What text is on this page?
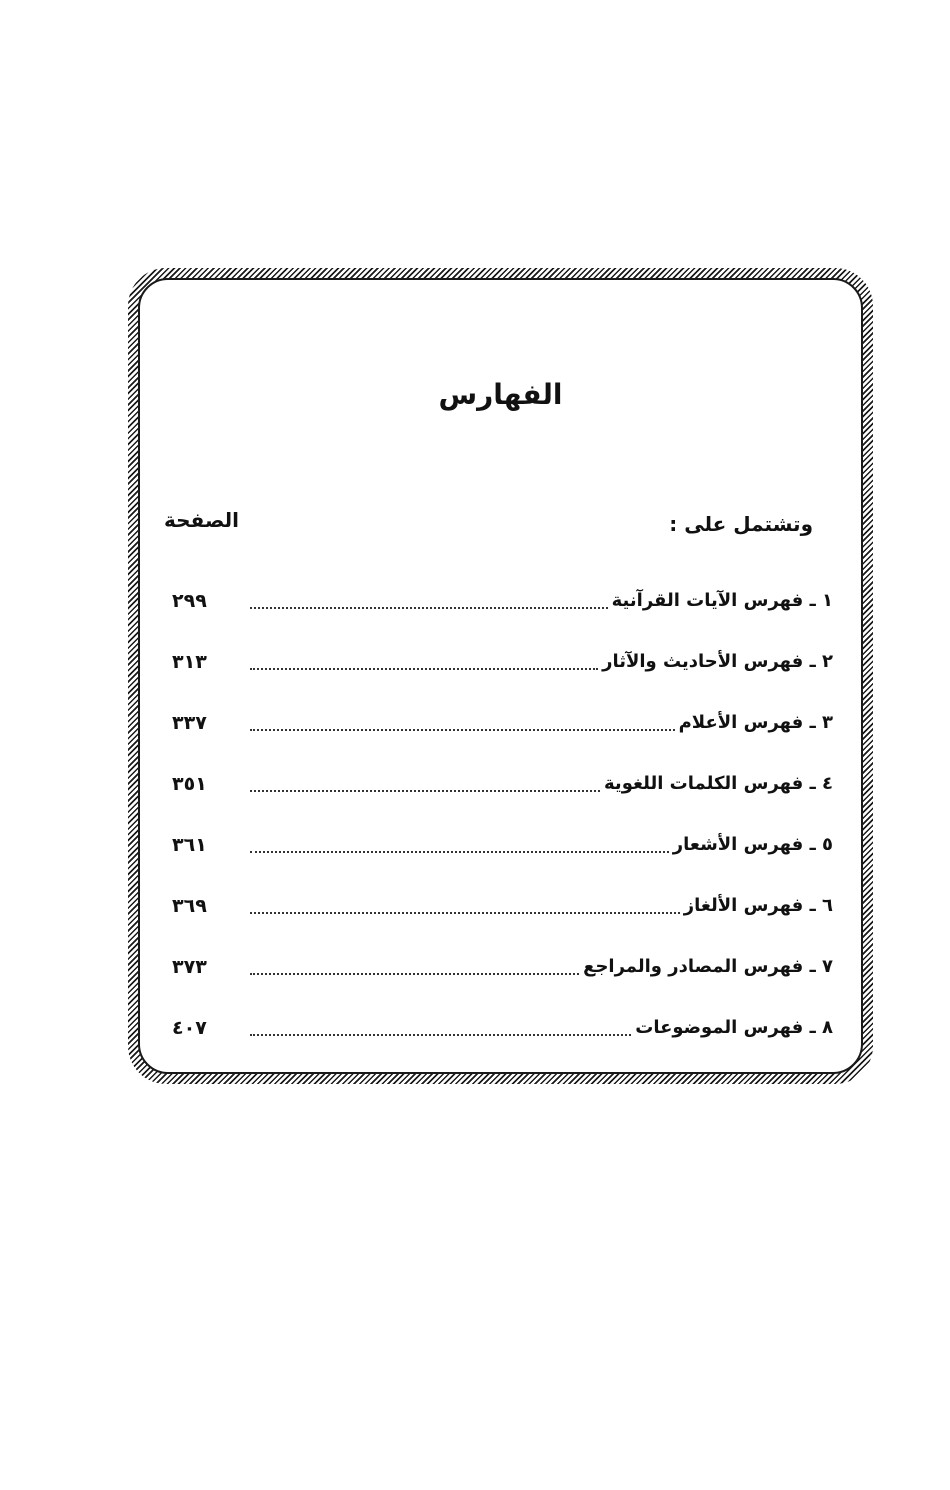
الفهارس
وتشتمل على :
الصفحة
١ ـ فهرس الآيات القرآنية
٢٩٩
٢ ـ فهرس الأحاديث والآثار
٣١٣
٣ ـ فهرس الأعلام
٣٣٧
٤ ـ فهرس الكلمات اللغوية
٣٥١
٥ ـ فهرس الأشعار
٣٦١
٦ ـ فهرس الألغاز
٣٦٩
٧ ـ فهرس المصادر والمراجع
٣٧٣
٨ ـ فهرس الموضوعات
٤٠٧
